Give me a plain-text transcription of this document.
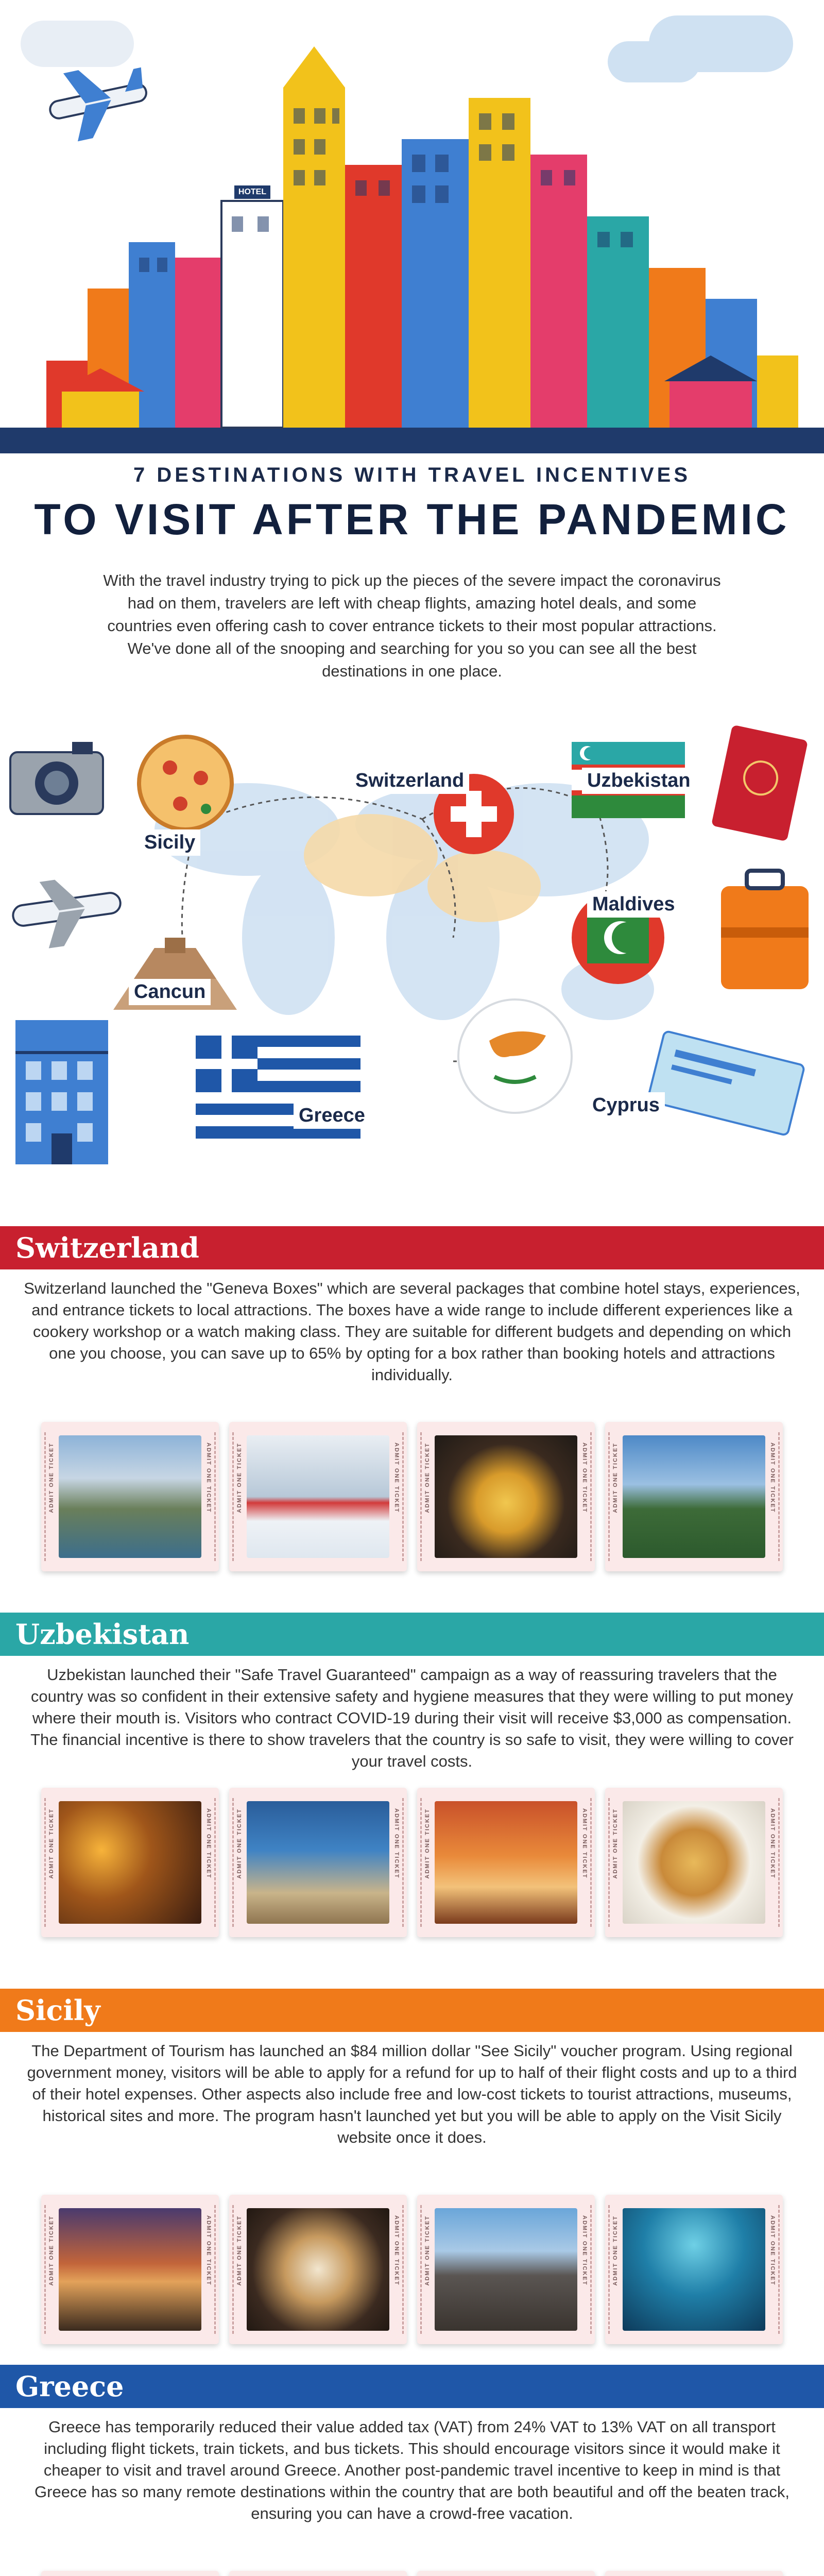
HOTEL
7 DESTINATIONS WITH TRAVEL INCENTIVES
TO VISIT AFTER THE PANDEMIC
With the travel industry trying to pick up the pieces of the severe impact the coronavirus had on them, travelers are left with cheap flights, amazing hotel deals, and some countries even offering cash to cover entrance tickets to their most popular attractions. We've done all of the snooping and searching for you so you can see all the best destinations in one place.
Switzerland	Uzbekistan
Sicily
Maldives
Cancun
Greece	Cyprus
Switzerland
Switzerland launched the "Geneva Boxes" which are several packages that combine hotel stays, experiences, and entrance tickets to local attractions. The boxes have a wide range to include different experiences like a cookery workshop or a watch making class. They are suitable for different budgets and depending on which one you choose, you can save up to 65% by opting for a box rather than booking hotels and attractions individually.
ADMIT ONE TICKET	ADMIT ONE TICKET	ADMIT ONE TICKET	ADMIT ONE TICKET	ADMIT ONE TICKET	ADMIT ONE TICKET	ADMIT ONE TICKET	ADMIT ONE TICKET
Uzbekistan
Uzbekistan launched their "Safe Travel Guaranteed" campaign as a way of reassuring travelers that the country was so confident in their extensive safety and hygiene measures that they were willing to put money where their mouth is. Visitors who contract COVID-19 during their visit will receive $3,000 as compensation. The financial incentive is there to show travelers that the country is so safe to visit, they were willing to cover your travel costs.
ADMIT ONE TICKET	ADMIT ONE TICKET	ADMIT ONE TICKET	ADMIT ONE TICKET	ADMIT ONE TICKET	ADMIT ONE TICKET	ADMIT ONE TICKET	ADMIT ONE TICKET
Sicily
The Department of Tourism has launched an $84 million dollar "See Sicily" voucher program. Using regional government money, visitors will be able to apply for a refund for up to half of their flight costs and up to a third of their hotel expenses. Other aspects also include free and low-cost tickets to tourist attractions, museums, historical sites and more. The program hasn't launched yet but you will be able to apply on the Visit Sicily website once it does.
ADMIT ONE TICKET	ADMIT ONE TICKET	ADMIT ONE TICKET	ADMIT ONE TICKET	ADMIT ONE TICKET	ADMIT ONE TICKET	ADMIT ONE TICKET	ADMIT ONE TICKET
Greece
Greece has temporarily reduced their value added tax (VAT) from 24% VAT to 13% VAT on all transport including flight tickets, train tickets, and bus tickets. This should encourage visitors since it would make it cheaper to visit and travel around Greece. Another post-pandemic travel incentive to keep in mind is that Greece has so many remote destinations within the country that are both beautiful and off the beaten track, ensuring you can have a crowd-free vacation.
